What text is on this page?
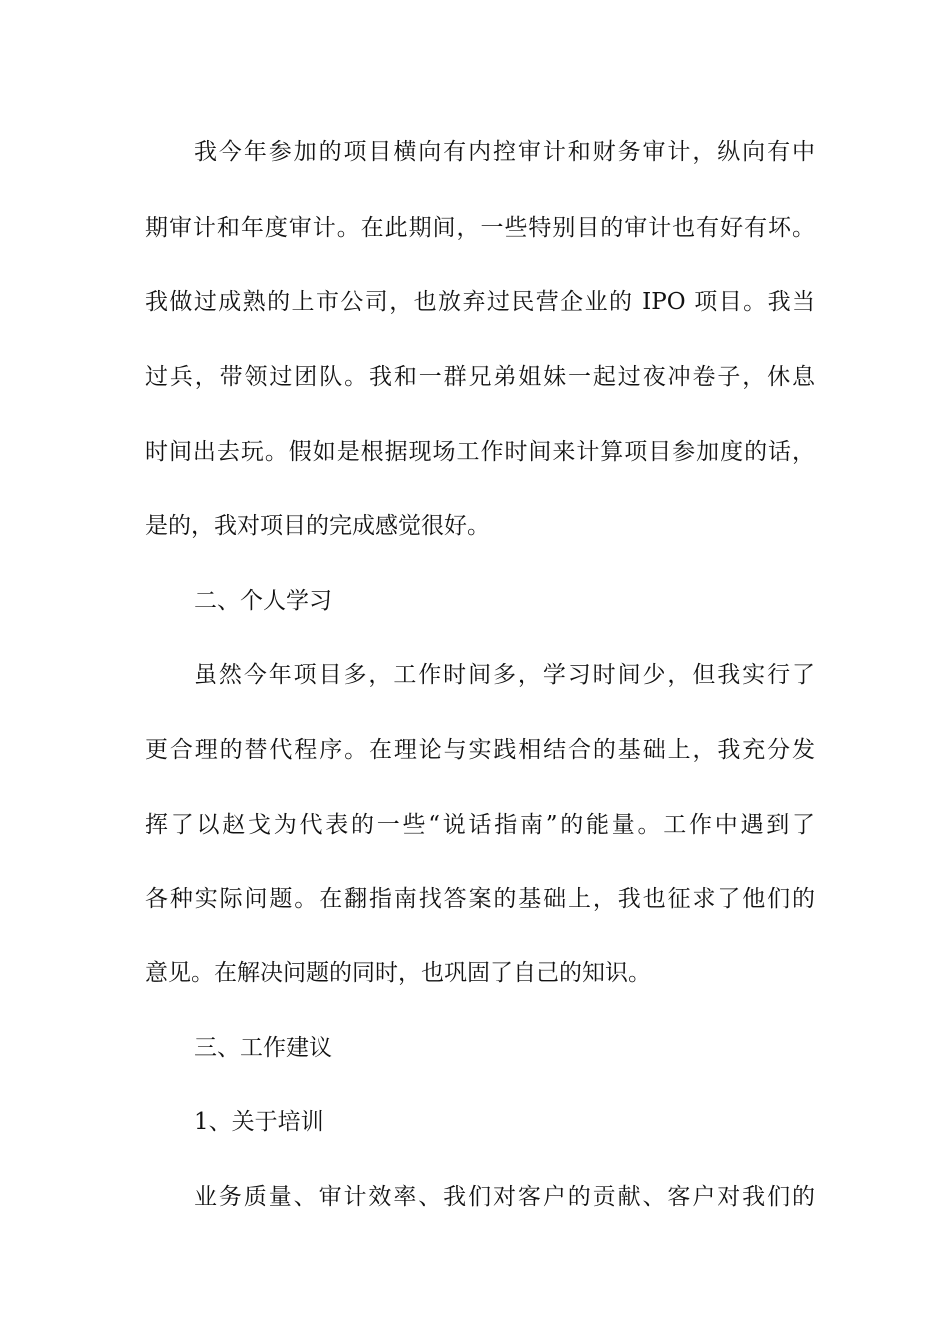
我今年参加的项目横向有内控审计和财务审计，纵向有中
期审计和年度审计。在此期间，一些特别目的审计也有好有坏。
我做过成熟的上市公司，也放弃过民营企业的 IPO 项目。我当
过兵，带领过团队。我和一群兄弟姐妹一起过夜冲卷子，休息
时间出去玩。假如是根据现场工作时间来计算项目参加度的话，
是的，我对项目的完成感觉很好。
二、个人学习
虽然今年项目多，工作时间多，学习时间少，但我实行了
更合理的替代程序。在理论与实践相结合的基础上，我充分发
挥了以赵戈为代表的一些“说话指南”的能量。工作中遇到了
各种实际问题。在翻指南找答案的基础上，我也征求了他们的
意见。在解决问题的同时，也巩固了自己的知识。
三、工作建议
1、关于培训
业务质量、审计效率、我们对客户的贡献、客户对我们的
